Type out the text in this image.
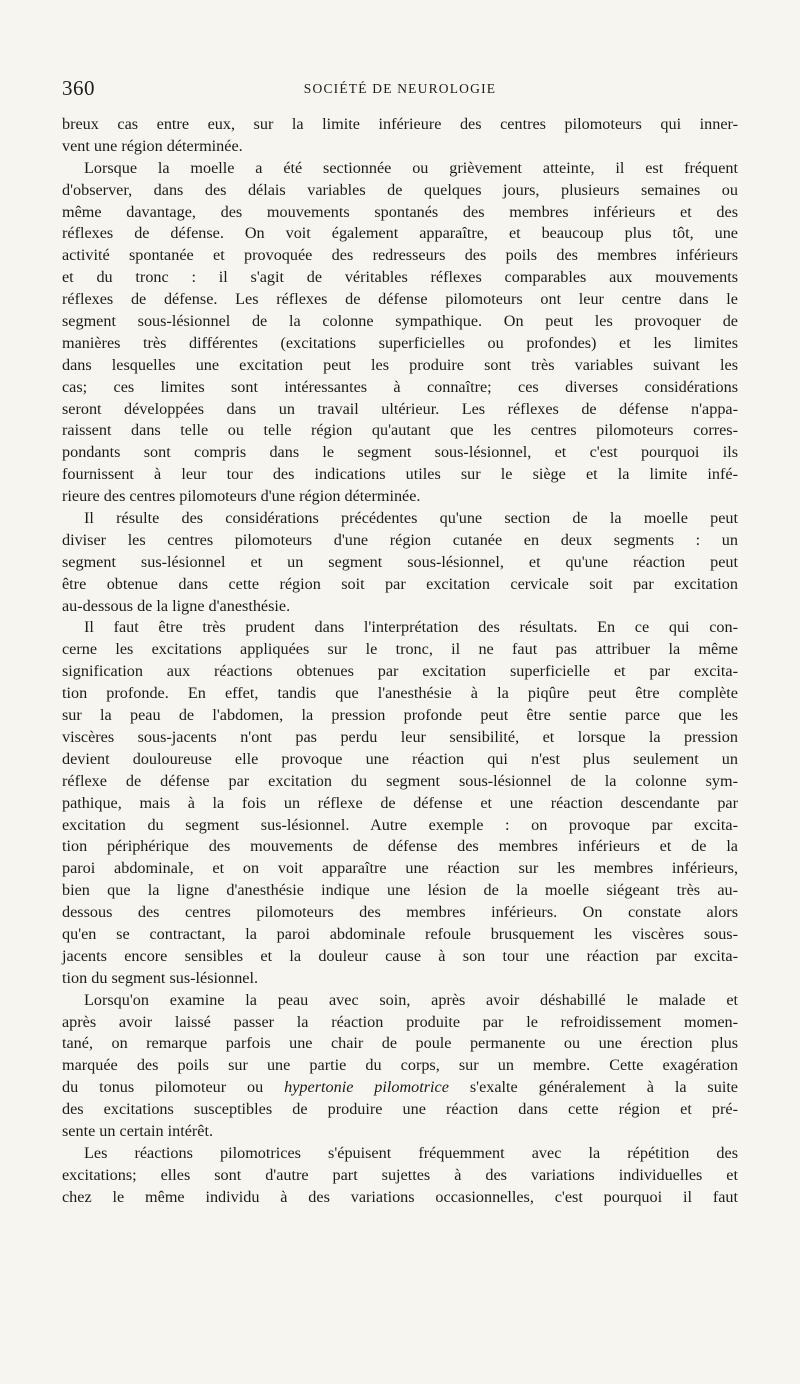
360	SOCIÉTÉ DE NEUROLOGIE
breux cas entre eux, sur la limite inférieure des centres pilomoteurs qui inner-
vent une région déterminée.
Lorsque la moelle a été sectionnée ou grièvement atteinte, il est fréquent
d'observer, dans des délais variables de quelques jours, plusieurs semaines ou
même davantage, des mouvements spontanés des membres inférieurs et des
réflexes de défense. On voit également apparaître, et beaucoup plus tôt, une
activité spontanée et provoquée des redresseurs des poils des membres inférieurs
et du tronc : il s'agit de véritables réflexes comparables aux mouvements
réflexes de défense. Les réflexes de défense pilomoteurs ont leur centre dans le
segment sous-lésionnel de la colonne sympathique. On peut les provoquer de
manières très différentes (excitations superficielles ou profondes) et les limites
dans lesquelles une excitation peut les produire sont très variables suivant les
cas; ces limites sont intéressantes à connaître; ces diverses considérations
seront développées dans un travail ultérieur. Les réflexes de défense n'appa-
raissent dans telle ou telle région qu'autant que les centres pilomoteurs corres-
pondants sont compris dans le segment sous-lésionnel, et c'est pourquoi ils
fournissent à leur tour des indications utiles sur le siège et la limite infé-
rieure des centres pilomoteurs d'une région déterminée.
Il résulte des considérations précédentes qu'une section de la moelle peut
diviser les centres pilomoteurs d'une région cutanée en deux segments : un
segment sus-lésionnel et un segment sous-lésionnel, et qu'une réaction peut
être obtenue dans cette région soit par excitation cervicale soit par excitation
au-dessous de la ligne d'anesthésie.
Il faut être très prudent dans l'interprétation des résultats. En ce qui con-
cerne les excitations appliquées sur le tronc, il ne faut pas attribuer la même
signification aux réactions obtenues par excitation superficielle et par excita-
tion profonde. En effet, tandis que l'anesthésie à la piqûre peut être complète
sur la peau de l'abdomen, la pression profonde peut être sentie parce que les
viscères sous-jacents n'ont pas perdu leur sensibilité, et lorsque la pression
devient douloureuse elle provoque une réaction qui n'est plus seulement un
réflexe de défense par excitation du segment sous-lésionnel de la colonne sym-
pathique, mais à la fois un réflexe de défense et une réaction descendante par
excitation du segment sus-lésionnel. Autre exemple : on provoque par excita-
tion périphérique des mouvements de défense des membres inférieurs et de la
paroi abdominale, et on voit apparaître une réaction sur les membres inférieurs,
bien que la ligne d'anesthésie indique une lésion de la moelle siégeant très au-
dessous des centres pilomoteurs des membres inférieurs. On constate alors
qu'en se contractant, la paroi abdominale refoule brusquement les viscères sous-
jacents encore sensibles et la douleur cause à son tour une réaction par excita-
tion du segment sus-lésionnel.
Lorsqu'on examine la peau avec soin, après avoir déshabillé le malade et
après avoir laissé passer la réaction produite par le refroidissement momen-
tané, on remarque parfois une chair de poule permanente ou une érection plus
marquée des poils sur une partie du corps, sur un membre. Cette exagération
du tonus pilomoteur ou hypertonie pilomotrice s'exalte généralement à la suite
des excitations susceptibles de produire une réaction dans cette région et pré-
sente un certain intérêt.
Les réactions pilomotrices s'épuisent fréquemment avec la répétition des
excitations; elles sont d'autre part sujettes à des variations individuelles et
chez le même individu à des variations occasionnelles, c'est pourquoi il faut
